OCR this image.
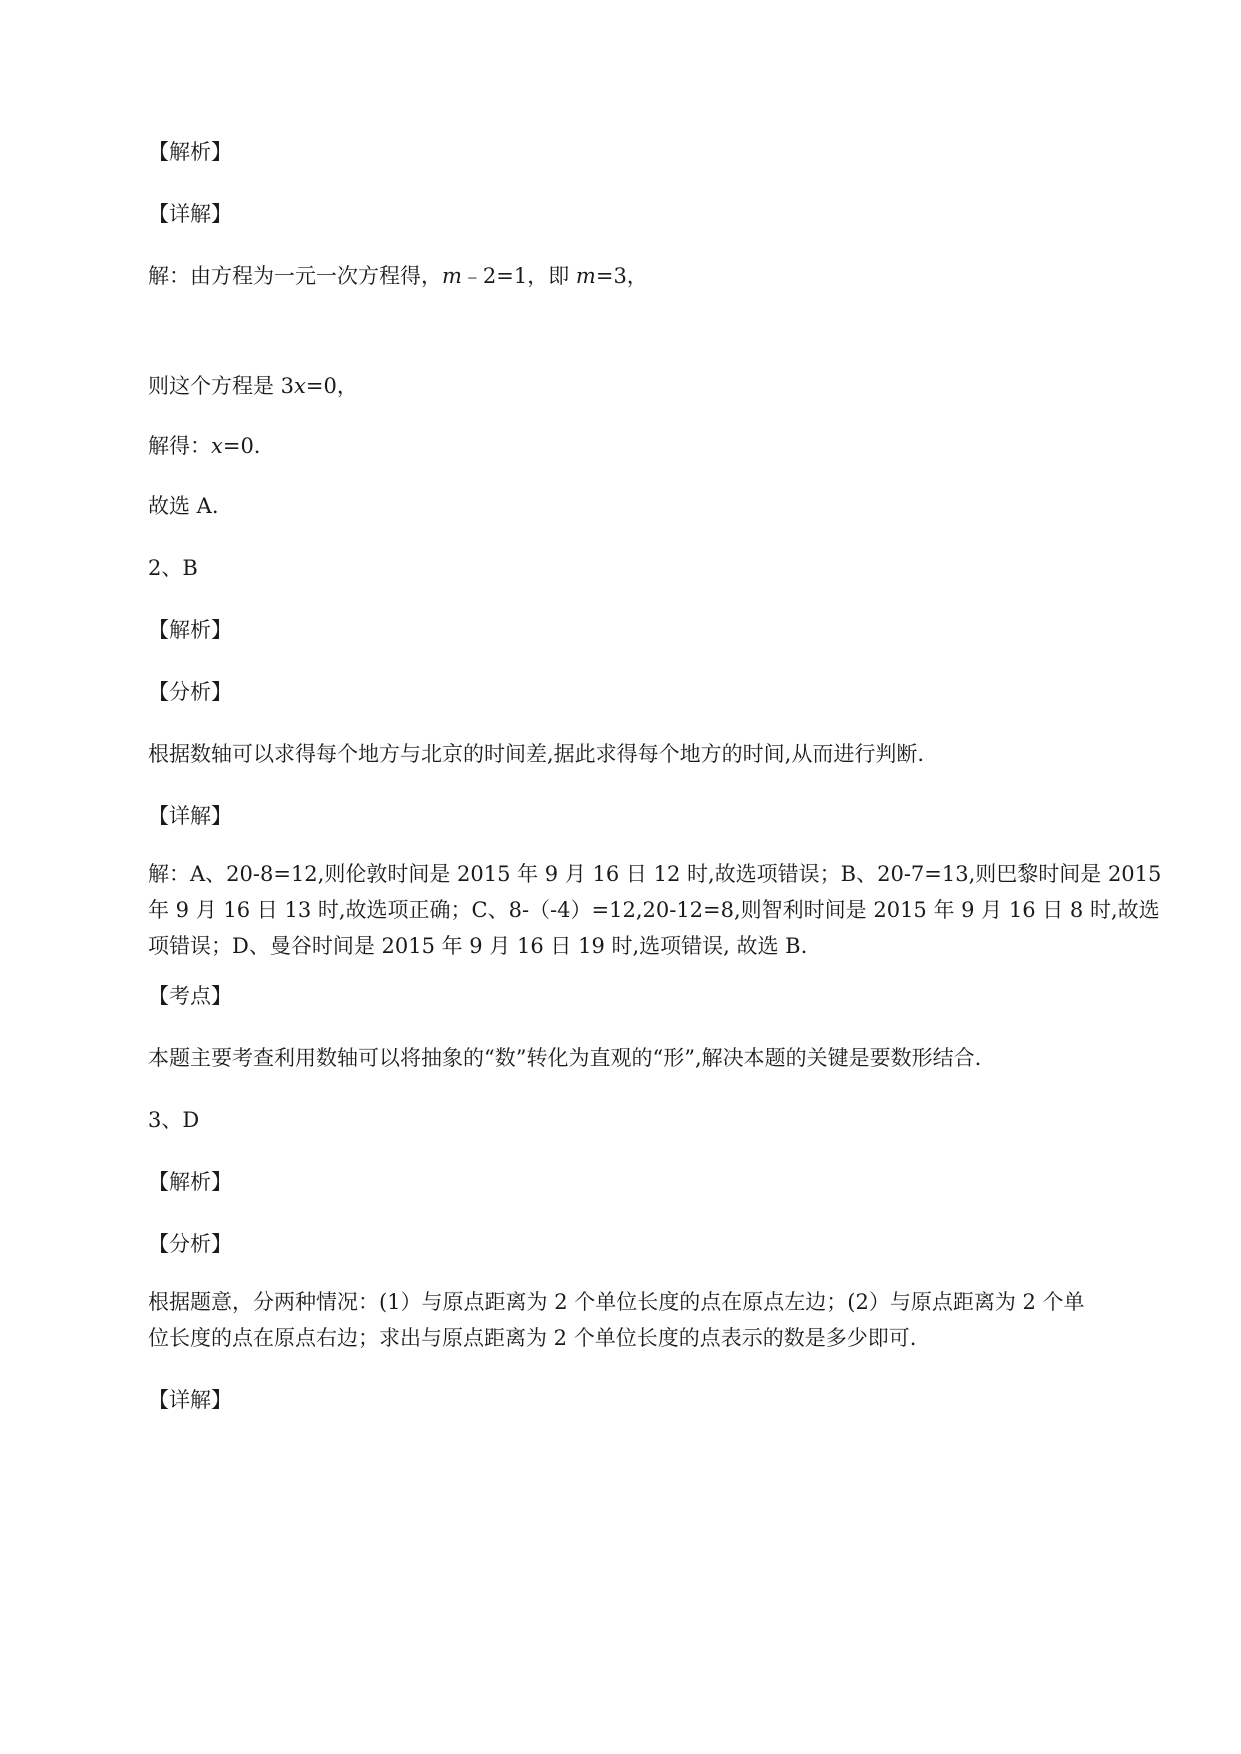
【解析】
【详解】
解：由方程为一元一次方程得，m﹣2=1，即 m=3，
则这个方程是 3x=0，
解得：x=0.
故选 A.
2、B
【解析】
【分析】
根据数轴可以求得每个地方与北京的时间差,据此求得每个地方的时间,从而进行判断.
【详解】
解：A、20-8=12,则伦敦时间是 2015 年 9 月 16 日 12 时,故选项错误；B、20-7=13,则巴黎时间是 2015
年 9 月 16 日 13 时,故选项正确；C、8-（-4）=12,20-12=8,则智利时间是 2015 年 9 月 16 日 8 时,故选
项错误；D、曼谷时间是 2015 年 9 月 16 日 19 时,选项错误, 故选 B.
【考点】
本题主要考查利用数轴可以将抽象的“数”转化为直观的“形”,解决本题的关键是要数形结合.
3、D
【解析】
【分析】
根据题意，分两种情况：(1）与原点距离为 2 个单位长度的点在原点左边；(2）与原点距离为 2 个单
位长度的点在原点右边；求出与原点距离为 2 个单位长度的点表示的数是多少即可.
【详解】
